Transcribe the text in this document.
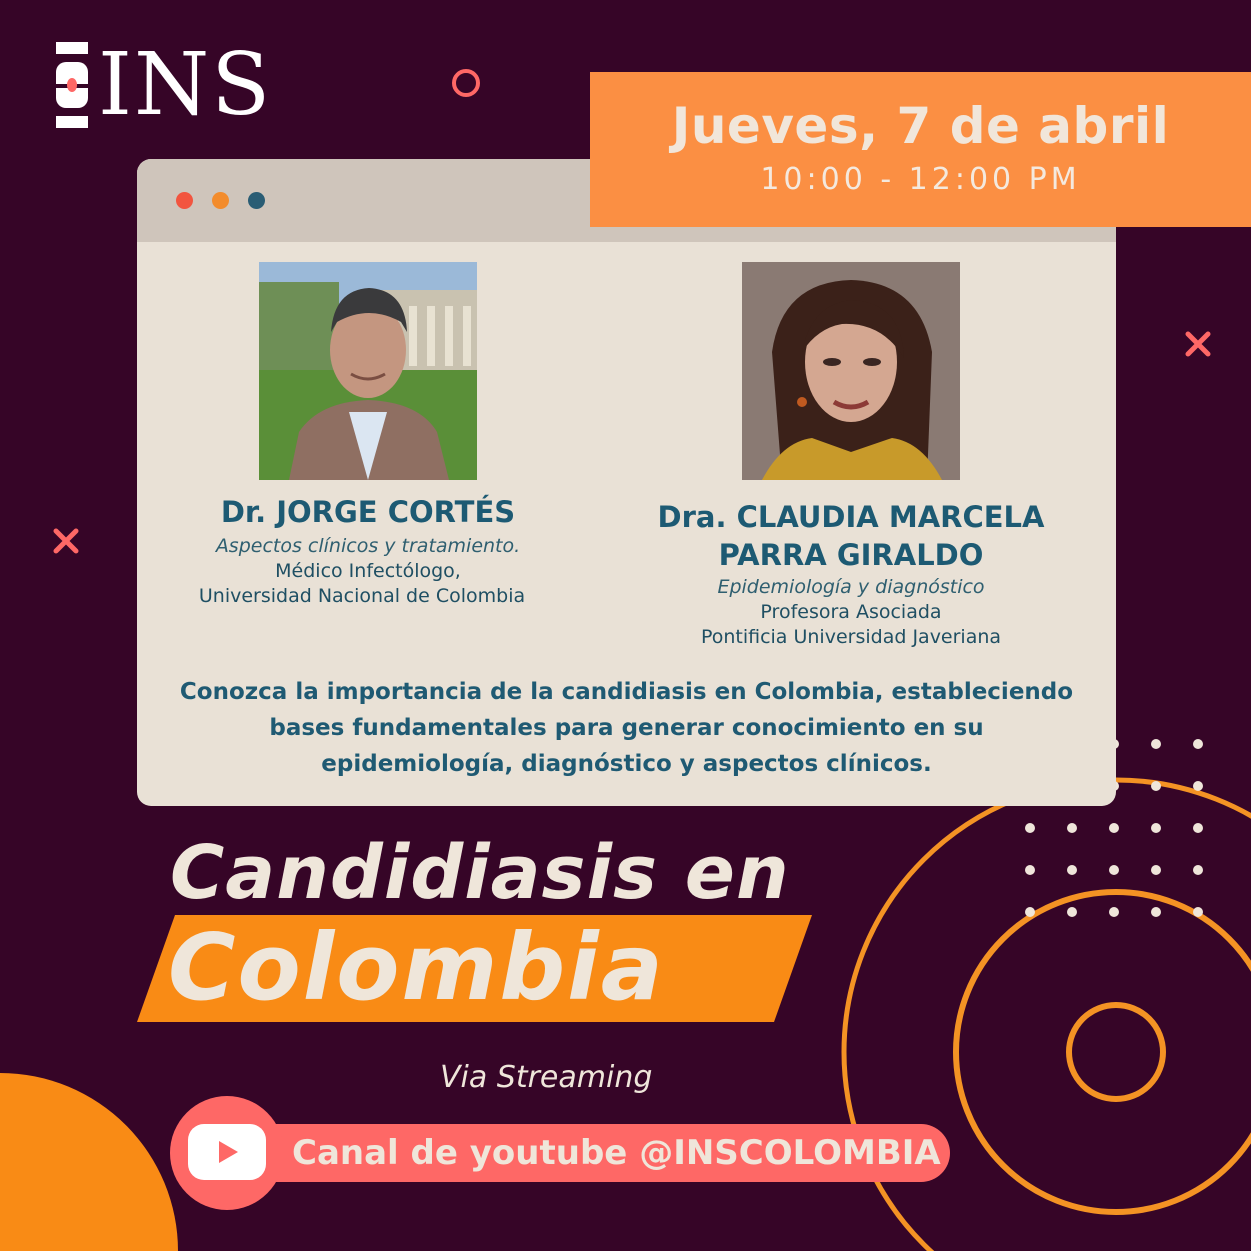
INS	Jueves, 7 de abril
10:00 - 12:00 PM
Dr. JORGE CORTÉS
Aspectos clínicos y tratamiento.
Médico Infectólogo,
Universidad Nacional de Colombia
Dra. CLAUDIA MARCELA
PARRA GIRALDO
Epidemiología y diagnóstico
Profesora Asociada
Pontificia Universidad Javeriana
Conozca la importancia de la candidiasis en Colombia, estableciendo
bases fundamentales para generar conocimiento en su
epidemiología, diagnóstico y aspectos clínicos.
Candidiasis en
Colombia
Via Streaming
Canal de youtube @INSCOLOMBIA
